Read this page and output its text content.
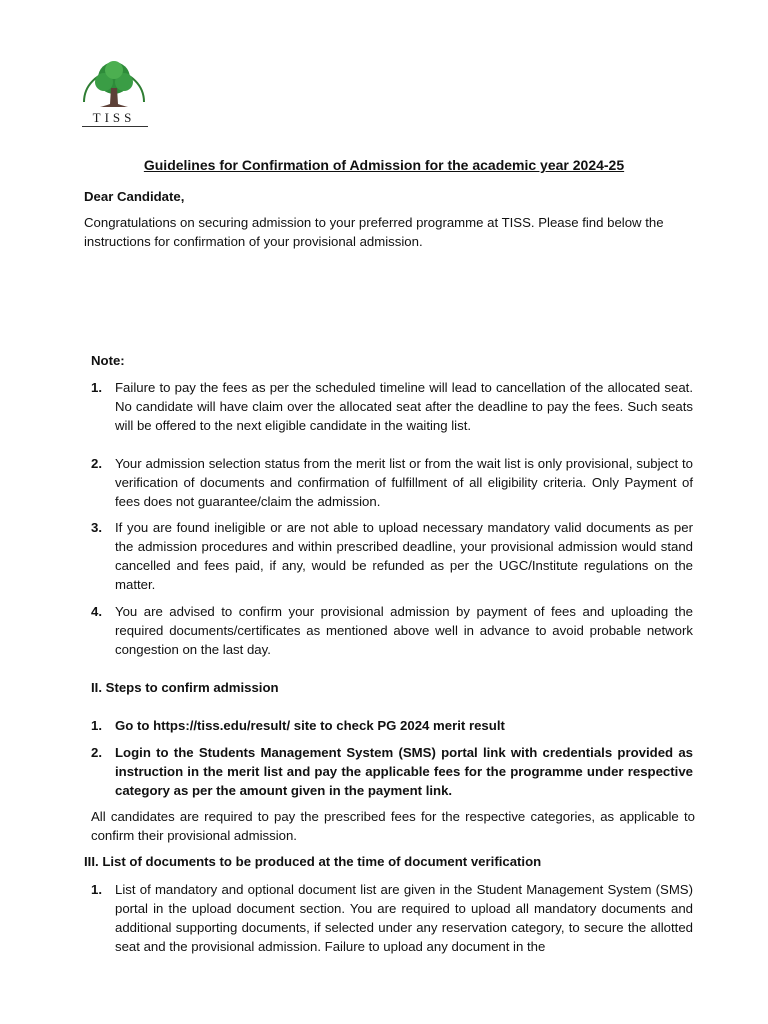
TISS
Guidelines for Confirmation of Admission for the academic year 2024-25
Dear Candidate,
Congratulations on securing admission to your preferred programme at TISS. Please find below the instructions for confirmation of your provisional admission.
Note:
1. Failure to pay the fees as per the scheduled timeline will lead to cancellation of the allocated seat. No candidate will have claim over the allocated seat after the deadline to pay the fees. Such seats will be offered to the next eligible candidate in the waiting list.
2. Your admission selection status from the merit list or from the wait list is only provisional, subject to verification of documents and confirmation of fulfillment of all eligibility criteria. Only Payment of fees does not guarantee/claim the admission.
3. If you are found ineligible or are not able to upload necessary mandatory valid documents as per the admission procedures and within prescribed deadline, your provisional admission would stand cancelled and fees paid, if any, would be refunded as per the UGC/Institute regulations on the matter.
4. You are advised to confirm your provisional admission by payment of fees and uploading the required documents/certificates as mentioned above well in advance to avoid probable network congestion on the last day.
II. Steps to confirm admission
1. Go to https://tiss.edu/result/ site to check PG 2024 merit result
2. Login to the Students Management System (SMS) portal link with credentials provided as instruction in the merit list and pay the applicable fees for the programme under respective category as per the amount given in the payment link.
All candidates are required to pay the prescribed fees for the respective categories, as applicable to confirm their provisional admission.
III. List of documents to be produced at the time of document verification
1. List of mandatory and optional document list are given in the Student Management System (SMS) portal in the upload document section. You are required to upload all mandatory documents and additional supporting documents, if selected under any reservation category, to secure the allotted seat and the provisional admission. Failure to upload any document in the
